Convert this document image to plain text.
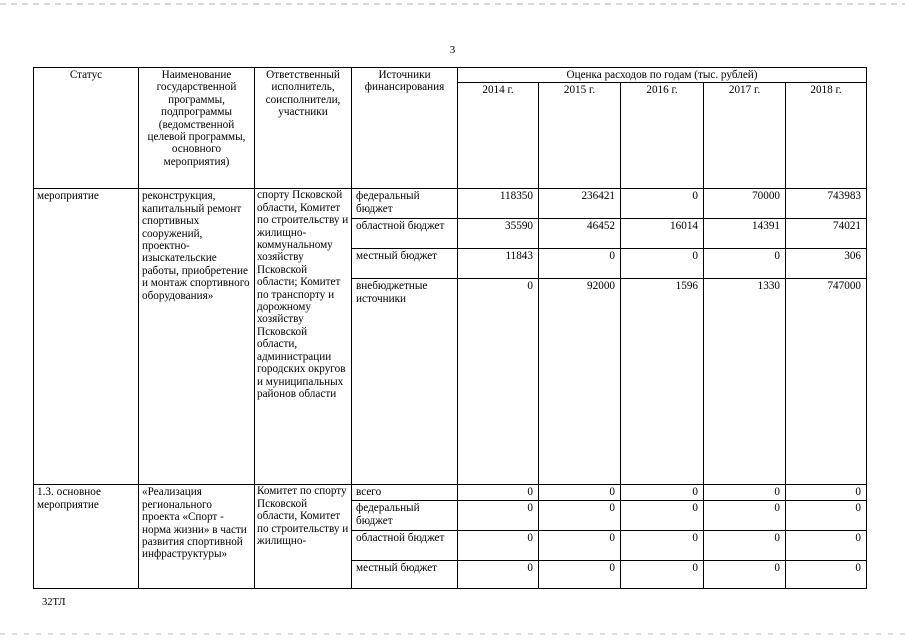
3
Статус	Наименование государственной программы, подпрограммы (ведомственной целевой программы, основного мероприятия)	Ответственный исполнитель, соисполнители, участники	Источники финансирования	Оценка расходов по годам (тыс. рублей)				
				2014 г.	2015 г.	2016 г.	2017 г.	2018 г.
мероприятие	реконструкция, капитальный ремонт спортивных сооружений, проектно-изыскательские работы, приобретение и монтаж спортивного оборудования»	спорту Псковской области, Комитет по строительству и жилищно-коммунальному хозяйству Псковской области; Комитет по транспорту и дорожному хозяйству Псковской области, администрации городских округов и муниципальных районов области	федеральный бюджет	118350	236421	0	70000	743983
			областной бюджет	35590	46452	16014	14391	74021
			местный бюджет	11843	0	0	0	306
			внебюджетные источники	0	92000	1596	1330	747000
1.3. основное мероприятие	«Реализация регионального проекта «Спорт - норма жизни» в части развития спортивной инфраструктуры»	Комитет по спорту Псковской области, Комитет по строительству и жилищно-	всего	0	0	0	0	0
			федеральный бюджет	0	0	0	0	0
			областной бюджет	0	0	0	0	0
			местный бюджет	0	0	0	0	0
32ТЛ
